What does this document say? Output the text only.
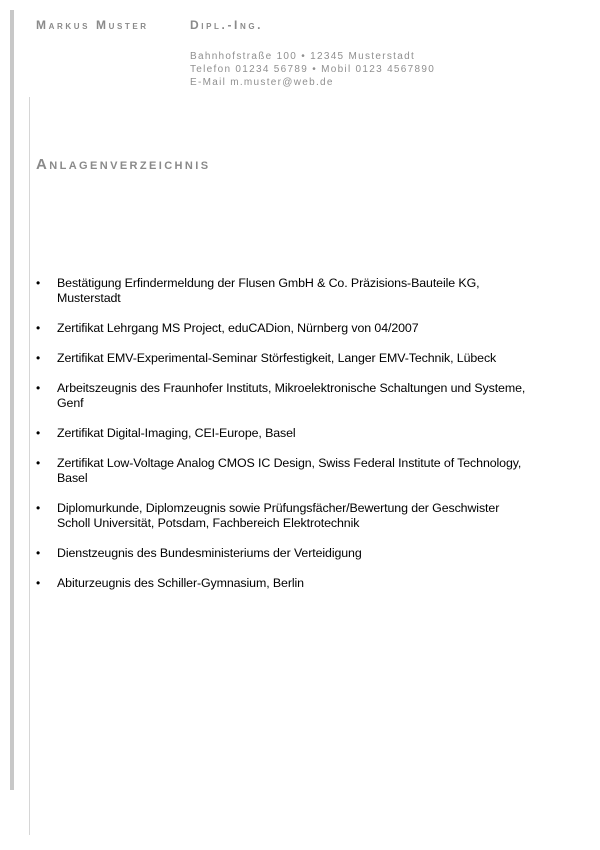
Markus Muster	Dipl.-Ing.
Bahnhofstraße 100 • 12345 Musterstadt
Telefon 01234 56789 • Mobil 0123 4567890
E-Mail m.muster@web.de
Anlagenverzeichnis
•	Bestätigung Erfindermeldung der Flusen GmbH & Co. Präzisions-Bauteile KG,
Musterstadt
•	Zertifikat Lehrgang MS Project, eduCADion, Nürnberg von 04/2007
•	Zertifikat EMV-Experimental-Seminar Störfestigkeit, Langer EMV-Technik, Lübeck
•	Arbeitszeugnis des Fraunhofer Instituts, Mikroelektronische Schaltungen und Systeme,
Genf
•	Zertifikat Digital-Imaging, CEI-Europe, Basel
•	Zertifikat Low-Voltage Analog CMOS IC Design, Swiss Federal Institute of Technology,
Basel
•	Diplomurkunde, Diplomzeugnis sowie Prüfungsfächer/Bewertung der Geschwister
Scholl Universität, Potsdam, Fachbereich Elektrotechnik
•	Dienstzeugnis des Bundesministeriums der Verteidigung
•	Abiturzeugnis des Schiller-Gymnasium, Berlin
